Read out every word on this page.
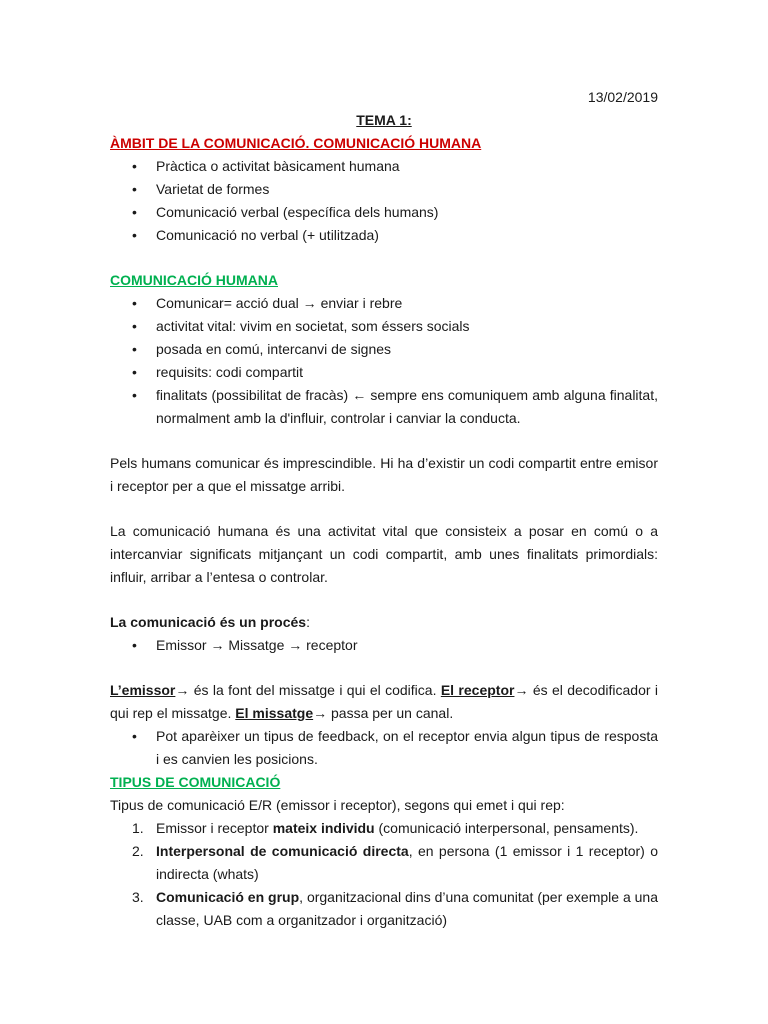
13/02/2019
TEMA 1:
ÀMBIT DE LA COMUNICACIÓ. COMUNICACIÓ HUMANA
• Pràctica o activitat bàsicament humana
• Varietat de formes
• Comunicació verbal (específica dels humans)
• Comunicació no verbal (+ utilitzada)
COMUNICACIÓ HUMANA
• Comunicar= acció dual → enviar i rebre
• activitat vital: vivim en societat, som éssers socials
• posada en comú, intercanvi de signes
• requisits: codi compartit
• finalitats (possibilitat de fracàs) ← sempre ens comuniquem amb alguna finalitat, normalment amb la d'influir, controlar i canviar la conducta.
Pels humans comunicar és imprescindible. Hi ha d’existir un codi compartit entre emisor i receptor per a que el missatge arribi.
La comunicació humana és una activitat vital que consisteix a posar en comú o a intercanviar significats mitjançant un codi compartit, amb unes finalitats primordials: influir, arribar a l’entesa o controlar.
La comunicació és un procés:
• Emissor → Missatge → receptor
L’emissor→ és la font del missatge i qui el codifica. El receptor→ és el decodificador i qui rep el missatge. El missatge→ passa per un canal.
• Pot aparèixer un tipus de feedback, on el receptor envia algun tipus de resposta i es canvien les posicions.
TIPUS DE COMUNICACIÓ
Tipus de comunicació E/R (emissor i receptor), segons qui emet i qui rep:
1. Emissor i receptor mateix individu (comunicació interpersonal, pensaments).
2. Interpersonal de comunicació directa, en persona (1 emissor i 1 receptor) o indirecta (whats)
3. Comunicació en grup, organitzacional dins d’una comunitat (per exemple a una classe, UAB com a organitzador i organització)
